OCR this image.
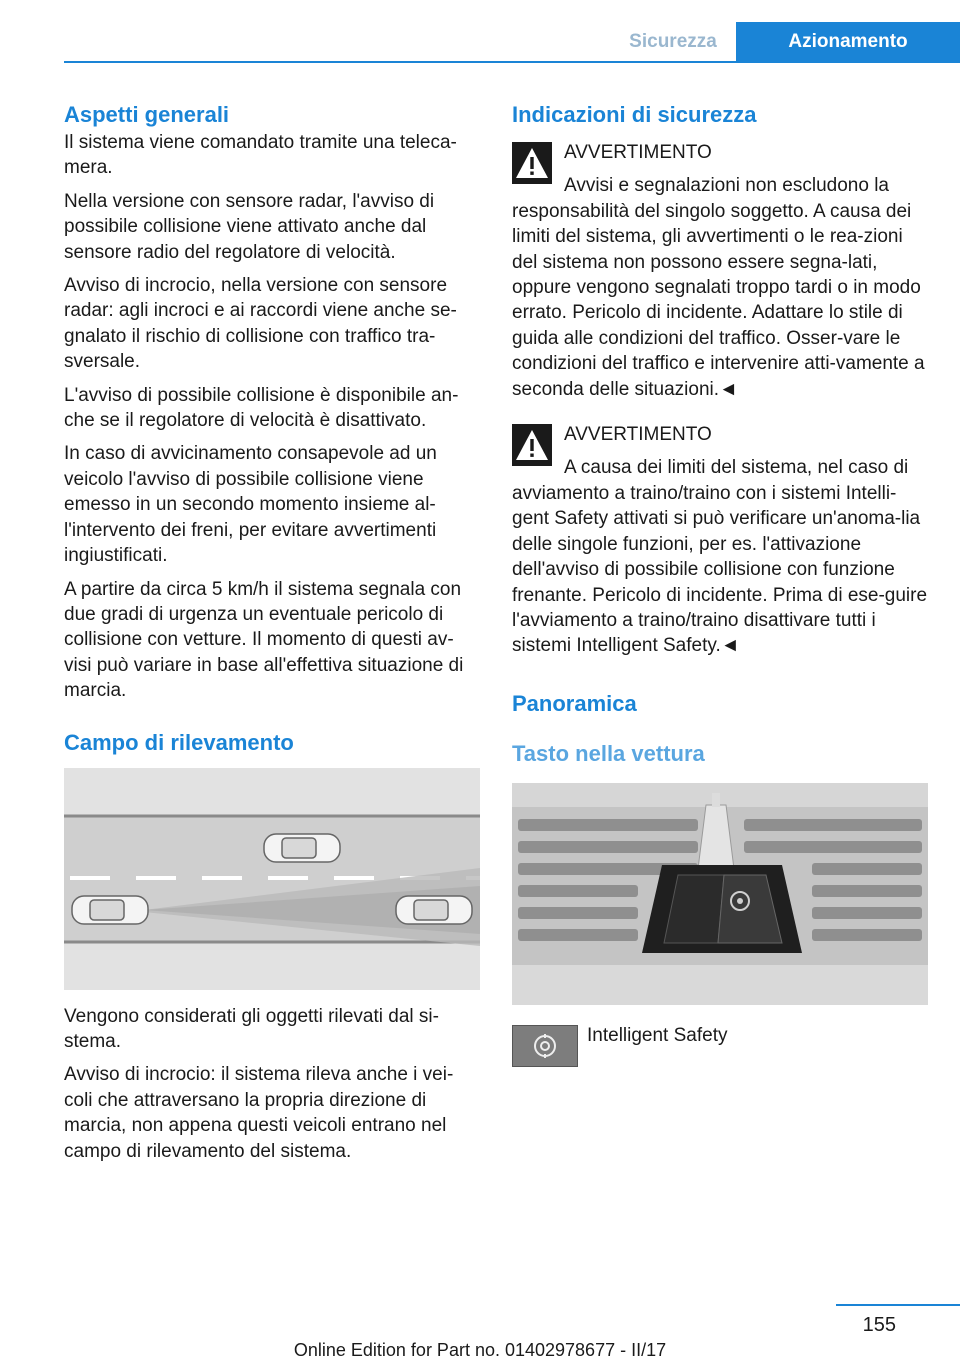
Sicurezza	Azionamento
Aspetti generali

Il sistema viene comandato tramite una teleca-mera.

Nella versione con sensore radar, l'avviso di possibile collisione viene attivato anche dal sensore radio del regolatore di velocità.

Avviso di incrocio, nella versione con sensore radar: agli incroci e ai raccordi viene anche se-gnalato il rischio di collisione con traffico tra-sversale.

L'avviso di possibile collisione è disponibile an-che se il regolatore di velocità è disattivato.

In caso di avvicinamento consapevole ad un veicolo l'avviso di possibile collisione viene emesso in un secondo momento insieme al-l'intervento dei freni, per evitare avvertimenti ingiustificati.

A partire da circa 5 km/h il sistema segnala con due gradi di urgenza un eventuale pericolo di collisione con vetture. Il momento di questi av-visi può variare in base all'effettiva situazione di marcia.

Campo di rilevamento

Vengono considerati gli oggetti rilevati dal si-stema.

Avviso di incrocio: il sistema rileva anche i vei-coli che attraversano la propria direzione di marcia, non appena questi veicoli entrano nel campo di rilevamento del sistema.

Indicazioni di sicurezza

AVVERTIMENTO

Avvisi e segnalazioni non escludono la responsabilità del singolo soggetto. A causa dei limiti del sistema, gli avvertimenti o le rea-zioni del sistema non possono essere segna-lati, oppure vengono segnalati troppo tardi o in modo errato. Pericolo di incidente. Adattare lo stile di guida alle condizioni del traffico. Osser-vare le condizioni del traffico e intervenire atti-vamente a seconda delle situazioni.◄

AVVERTIMENTO

A causa dei limiti del sistema, nel caso di avviamento a traino/traino con i sistemi Intelli-gent Safety attivati si può verificare un'anoma-lia delle singole funzioni, per es. l'attivazione dell'avviso di possibile collisione con funzione frenante. Pericolo di incidente. Prima di ese-guire l'avviamento a traino/traino disattivare tutti i sistemi Intelligent Safety.◄

Panoramica
Tasto nella vettura

Intelligent Safety

155
Online Edition for Part no. 01402978677 - II/17
